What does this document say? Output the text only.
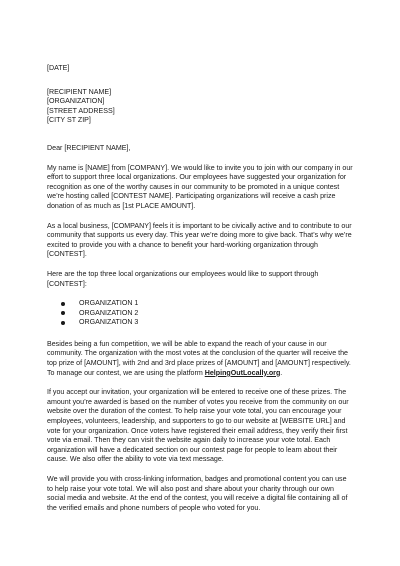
[DATE]

[RECIPIENT NAME]

[ORGANIZATION]

[STREET ADDRESS]

[CITY ST ZIP]

Dear [RECIPIENT NAME],

My name is [NAME] from [COMPANY]. We would like to invite you to join with our company in our effort to support three local organizations. Our employees have suggested your organization for recognition as one of the worthy causes in our community to be promoted in a unique contest we’re hosting called [CONTEST NAME]. Participating organizations will receive a cash prize donation of as much as [1st PLACE AMOUNT].

As a local business, [COMPANY] feels it is important to be civically active and to contribute to our community that supports us every day. This year we’re doing more to give back. That’s why we’re excited to provide you with a chance to benefit your hard-working organization through [CONTEST].

Here are the top three local organizations our employees would like to support through [CONTEST]:

ORGANIZATION 1
ORGANIZATION 2
ORGANIZATION 3

Besides being a fun competition, we will be able to expand the reach of your cause in our community. The organization with the most votes at the conclusion of the quarter will receive the top prize of [AMOUNT], with 2nd and 3rd place prizes of [AMOUNT] and [AMOUNT] respectively. To manage our contest, we are using the platform HelpingOutLocally.org.

If you accept our invitation, your organization will be entered to receive one of these prizes. The amount you’re awarded is based on the number of votes you receive from the community on our website over the duration of the contest. To help raise your vote total, you can encourage your employees, volunteers, leadership, and supporters to go to our website at [WEBSITE URL] and vote for your organization. Once voters have registered their email address, they verify their first vote via email. Then they can visit the website again daily to increase your vote total. Each organization will have a dedicated section on our contest page for people to learn about their cause. We also offer the ability to vote via text message.

We will provide you with cross-linking information, badges and promotional content you can use to help raise your vote total. We will also post and share about your charity through our own social media and website. At the end of the contest, you will receive a digital file containing all of the verified emails and phone numbers of people who voted for you.
